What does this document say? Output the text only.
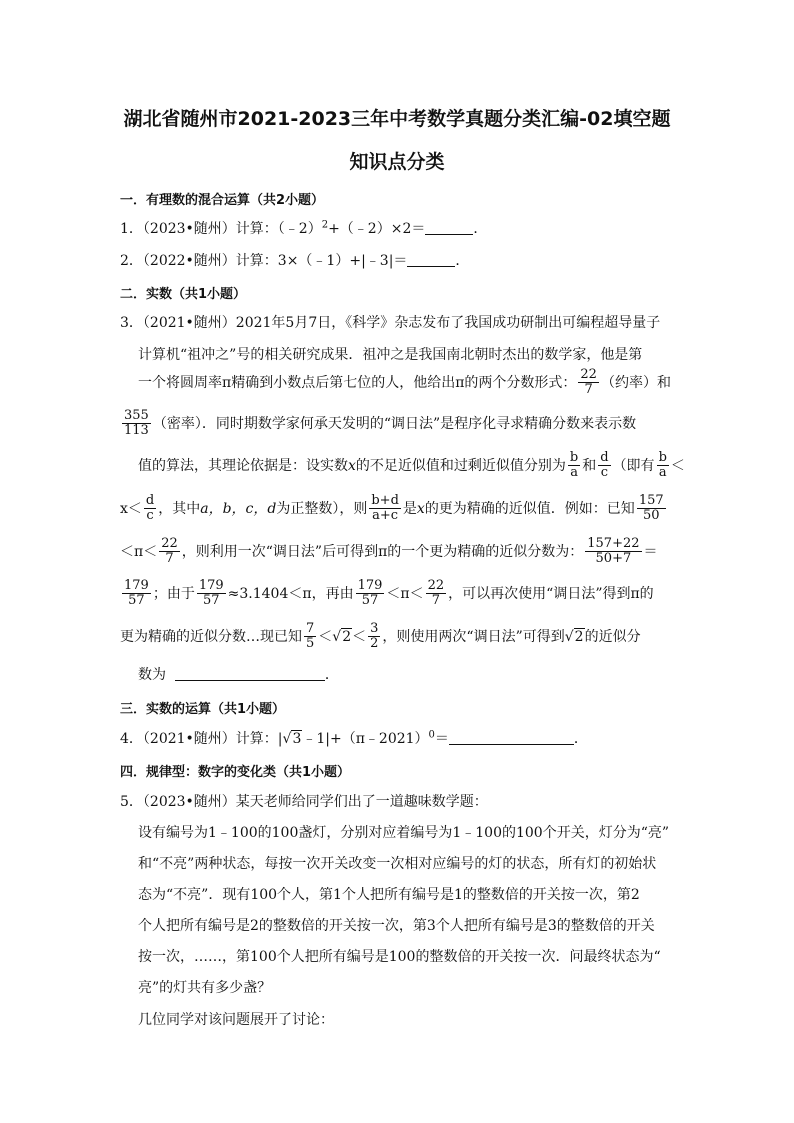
湖北省随州市2021-2023三年中考数学真题分类汇编-02填空题
知识点分类
一．有理数的混合运算（共2小题）
1．（2023•随州）计算：（﹣2）$^2$+（﹣2）×2＝	．
2．（2022•随州）计算：3×（﹣1）+|﹣3|＝	．
二．实数（共1小题）
3．（2021•随州）2021年5月7日，《科学》杂志发布了我国成功研制出可编程超导量子
计算机“祖冲之”号的相关研究成果．祖冲之是我国南北朝时杰出的数学家，他是第
一个将圆周率π精确到小数点后第七位的人，他给出π的两个分数形式： $\frac{22}{7}$ （约率）和
$\frac{355}{113}$ （密率）．同时期数学家何承天发明的“调日法”是程序化寻求精确分数来表示数
值的算法，其理论依据是：设实数x的不足近似值和过剩近似值分别为 $\frac{b}{a}$ 和 $\frac{d}{c}$ （即有 $\frac{b}{a}$ ＜
$x< \frac{d}{c}$ ，其中a，b，c，d为正整数），则 $\frac{b+d}{a+c}$ 是x的更为精确的近似值．例如：已知 $\frac{157}{50}$
$<\pi< \frac{22}{7}$ ，则利用一次“调日法”后可得到π的一个更为精确的近似分数为： $\frac{157+22}{50+7}$ ＝
$\frac{179}{57}$ ；由于 $\frac{179}{57} \approx 3.1404<\pi$，再由 $\frac{179}{57} <\pi< \frac{22}{7}$ ，可以再次使用“调日法”得到π的
更为精确的近似分数…现已知 $\frac{7}{5} <√2< \frac{3}{2}$ ，则使用两次“调日法”可得到√2的近似分
数为	．
三．实数的运算（共1小题）
4．（2021•随州）计算：|√3﹣1|+（π﹣2021）$^0$＝	．
四．规律型：数字的变化类（共1小题）
5．（2023•随州）某天老师给同学们出了一道趣味数学题：
设有编号为1﹣100的100盏灯，分别对应着编号为1﹣100的100个开关，灯分为“亮”
和“不亮”两种状态，每按一次开关改变一次相对应编号的灯的状态，所有灯的初始状
态为“不亮”．现有100个人，第1个人把所有编号是1的整数倍的开关按一次，第2
个人把所有编号是2的整数倍的开关按一次，第3个人把所有编号是3的整数倍的开关
按一次，……，第100个人把所有编号是100的整数倍的开关按一次．问最终状态为“
亮”的灯共有多少盏？
几位同学对该问题展开了讨论：
